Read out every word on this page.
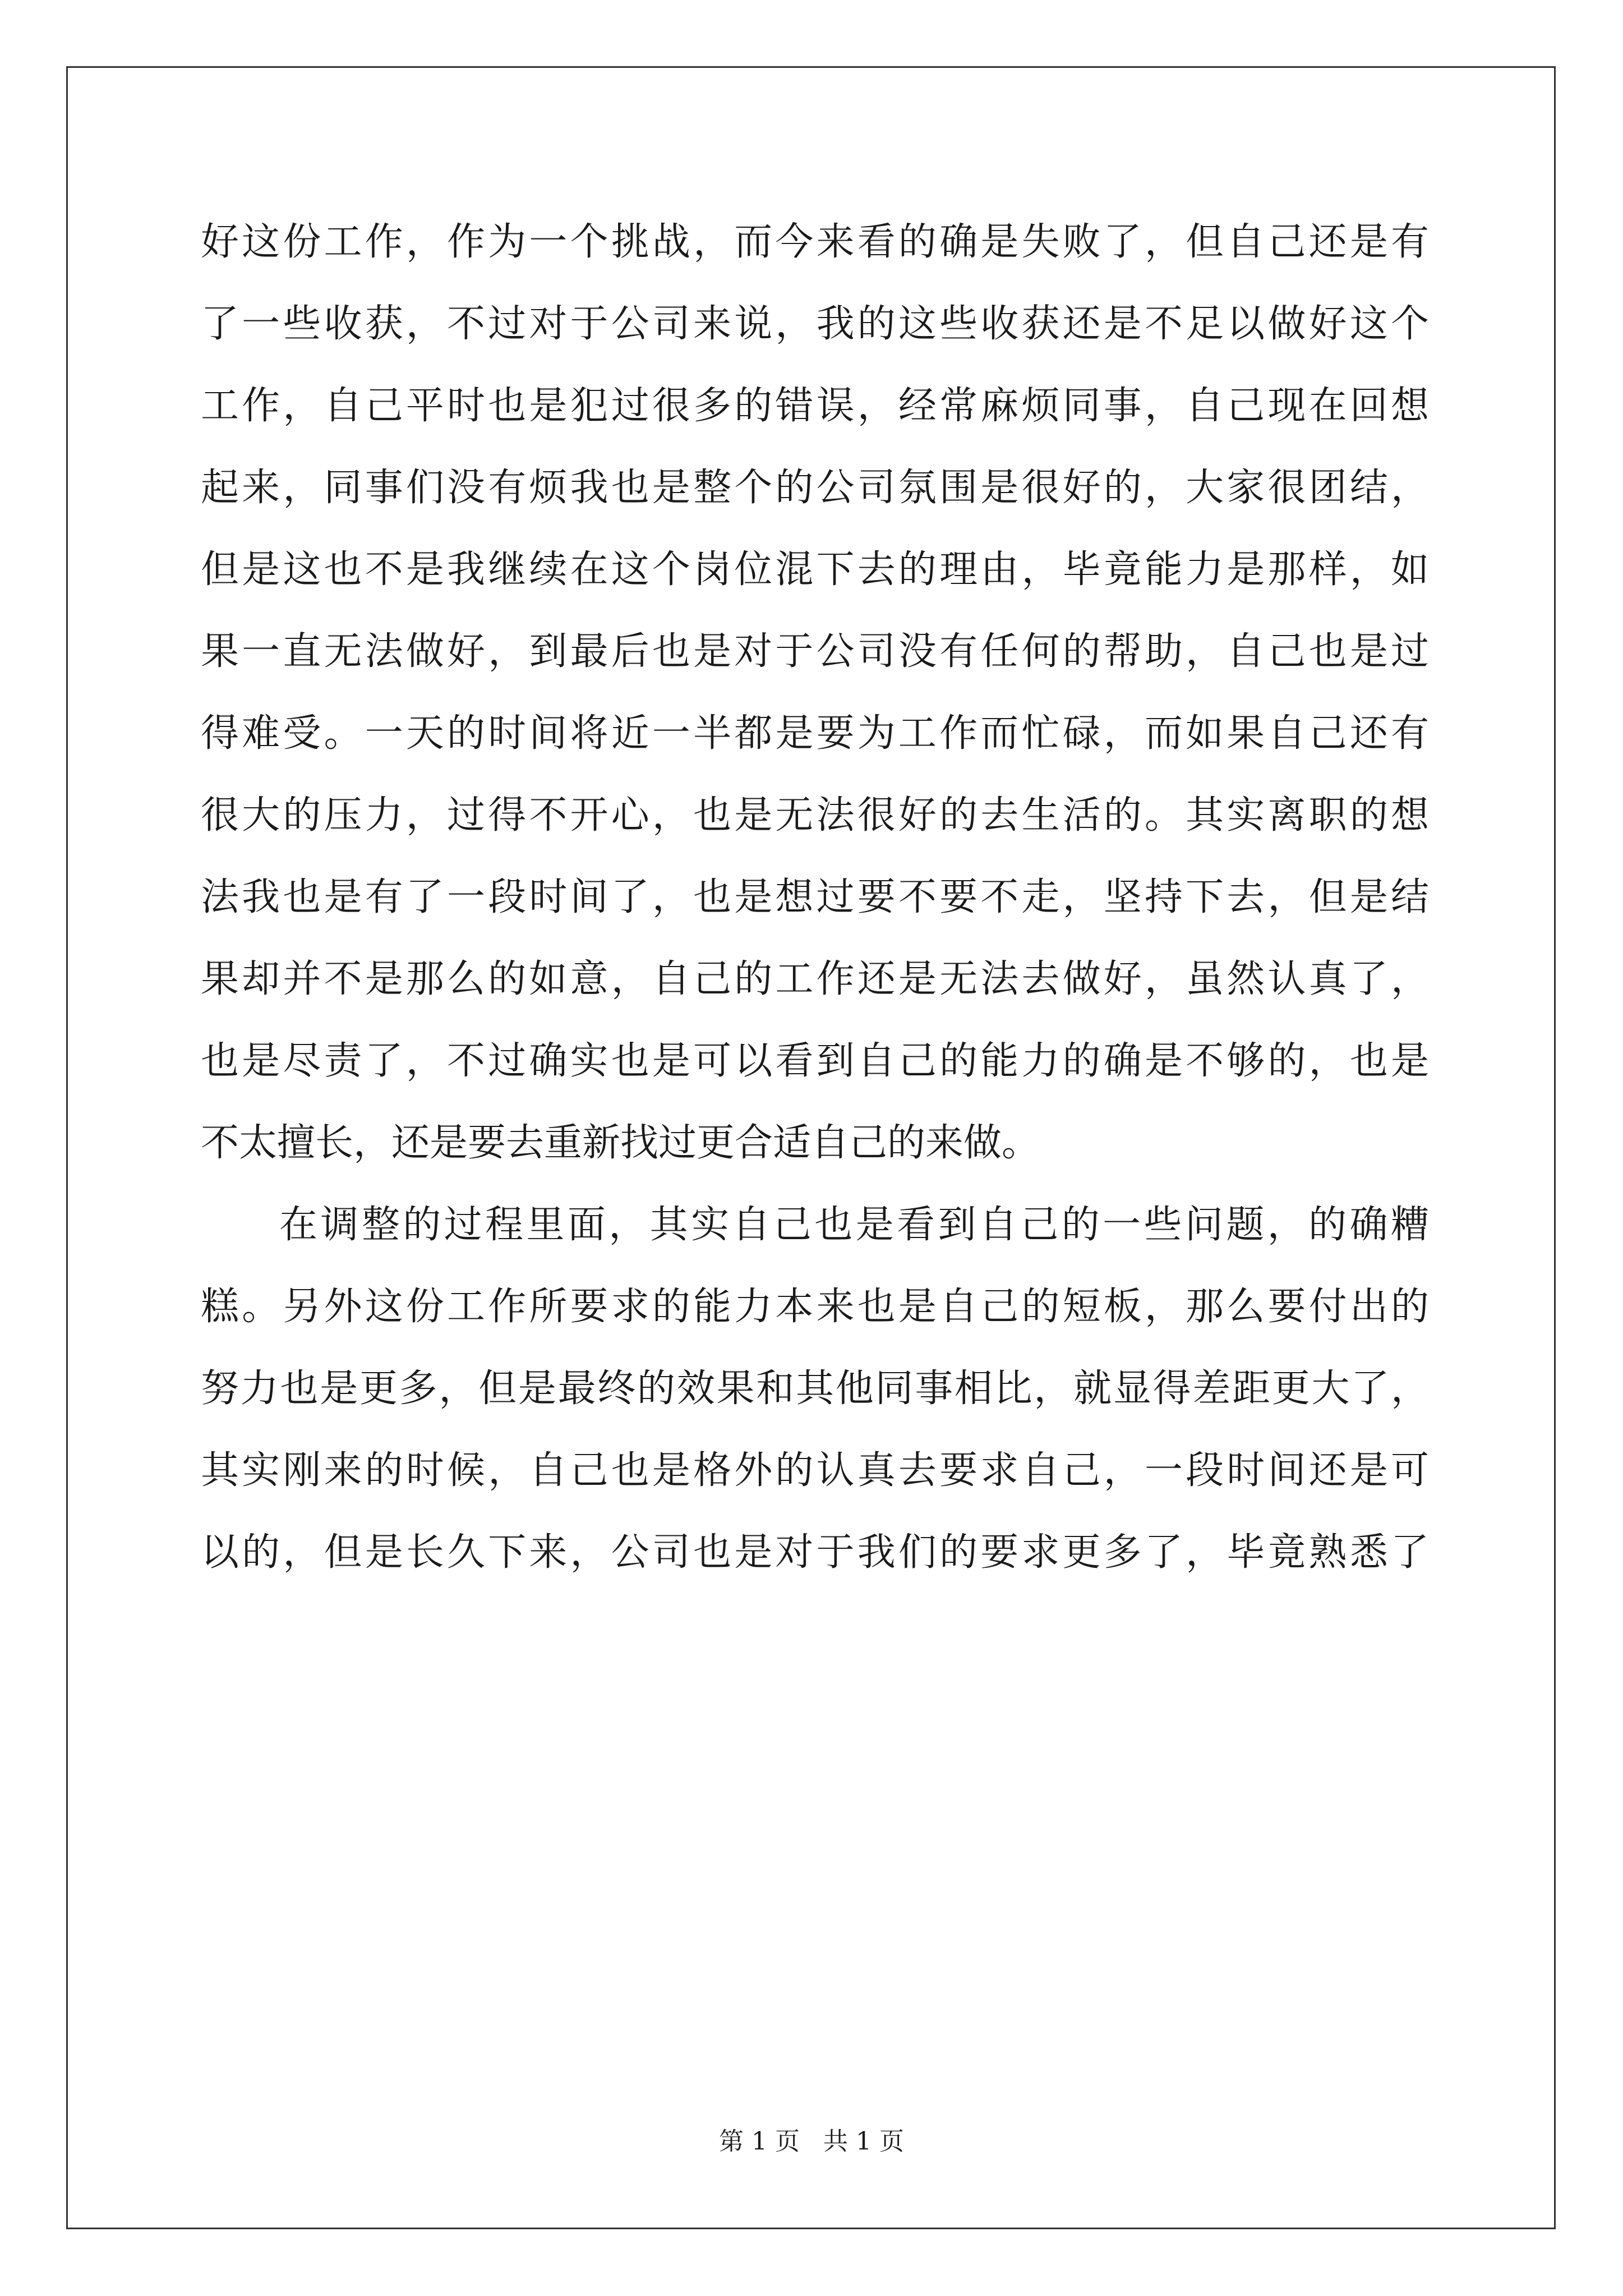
好这份工作，作为一个挑战，而今来看的确是失败了，但自己还是有
了一些收获，不过对于公司来说，我的这些收获还是不足以做好这个
工作，自己平时也是犯过很多的错误，经常麻烦同事，自己现在回想
起来，同事们没有烦我也是整个的公司氛围是很好的，大家很团结，
但是这也不是我继续在这个岗位混下去的理由，毕竟能力是那样，如
果一直无法做好，到最后也是对于公司没有任何的帮助，自己也是过
得难受。一天的时间将近一半都是要为工作而忙碌，而如果自己还有
很大的压力，过得不开心，也是无法很好的去生活的。其实离职的想
法我也是有了一段时间了，也是想过要不要不走，坚持下去，但是结
果却并不是那么的如意，自己的工作还是无法去做好，虽然认真了，
也是尽责了，不过确实也是可以看到自己的能力的确是不够的，也是
不太擅长，还是要去重新找过更合适自己的来做。
在调整的过程里面，其实自己也是看到自己的一些问题，的确糟
糕。另外这份工作所要求的能力本来也是自己的短板，那么要付出的
努力也是更多，但是最终的效果和其他同事相比，就显得差距更大了，
其实刚来的时候，自己也是格外的认真去要求自己，一段时间还是可
以的，但是长久下来，公司也是对于我们的要求更多了，毕竟熟悉了
第 1 页   共 1 页
